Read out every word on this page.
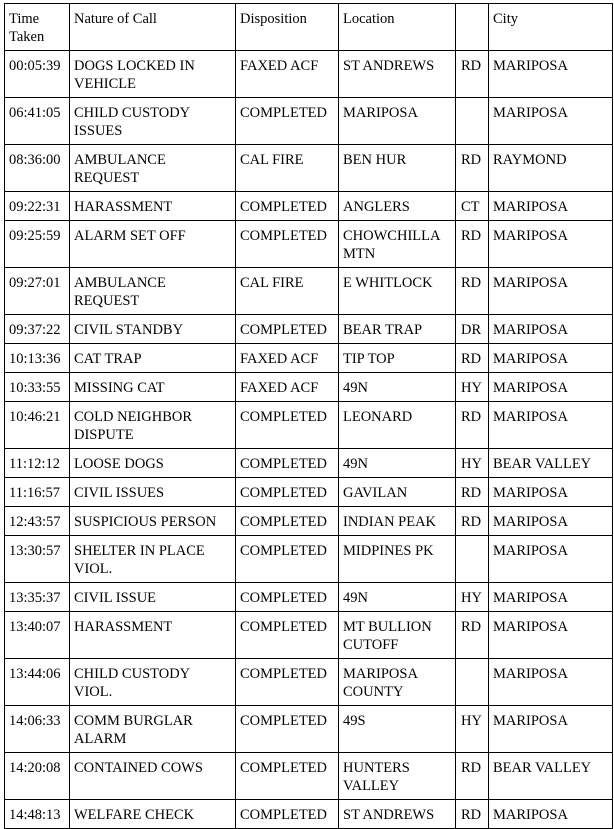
Time Taken	Nature of Call	Disposition	Location		City
00:05:39	DOGS LOCKED IN VEHICLE	FAXED ACF	ST ANDREWS	RD	MARIPOSA
06:41:05	CHILD CUSTODY ISSUES	COMPLETED	MARIPOSA		MARIPOSA
08:36:00	AMBULANCE REQUEST	CAL FIRE	BEN HUR	RD	RAYMOND
09:22:31	HARASSMENT	COMPLETED	ANGLERS	CT	MARIPOSA
09:25:59	ALARM SET OFF	COMPLETED	CHOWCHILLA MTN	RD	MARIPOSA
09:27:01	AMBULANCE REQUEST	CAL FIRE	E WHITLOCK	RD	MARIPOSA
09:37:22	CIVIL STANDBY	COMPLETED	BEAR TRAP	DR	MARIPOSA
10:13:36	CAT TRAP	FAXED ACF	TIP TOP	RD	MARIPOSA
10:33:55	MISSING CAT	FAXED ACF	49N	HY	MARIPOSA
10:46:21	COLD NEIGHBOR DISPUTE	COMPLETED	LEONARD	RD	MARIPOSA
11:12:12	LOOSE DOGS	COMPLETED	49N	HY	BEAR VALLEY
11:16:57	CIVIL ISSUES	COMPLETED	GAVILAN	RD	MARIPOSA
12:43:57	SUSPICIOUS PERSON	COMPLETED	INDIAN PEAK	RD	MARIPOSA
13:30:57	SHELTER IN PLACE VIOL.	COMPLETED	MIDPINES PK		MARIPOSA
13:35:37	CIVIL ISSUE	COMPLETED	49N	HY	MARIPOSA
13:40:07	HARASSMENT	COMPLETED	MT BULLION CUTOFF	RD	MARIPOSA
13:44:06	CHILD CUSTODY VIOL.	COMPLETED	MARIPOSA COUNTY		MARIPOSA
14:06:33	COMM BURGLAR ALARM	COMPLETED	49S	HY	MARIPOSA
14:20:08	CONTAINED COWS	COMPLETED	HUNTERS VALLEY	RD	BEAR VALLEY
14:48:13	WELFARE CHECK	COMPLETED	ST ANDREWS	RD	MARIPOSA
